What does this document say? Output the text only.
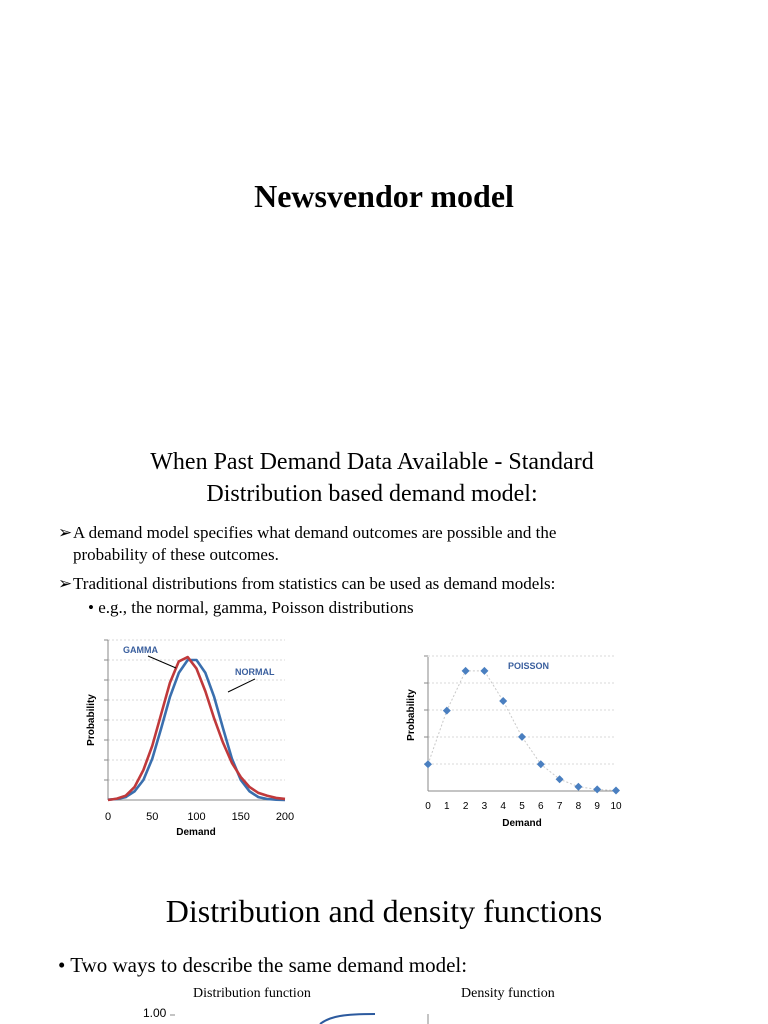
Newsvendor model
When Past Demand Data Available - Standard
Distribution based demand model:
➢A demand model specifies what demand outcomes are possible and the
probability of these outcomes.
➢Traditional distributions from statistics can be used as demand models:
• e.g., the normal, gamma, Poisson distributions
0	50	100 150 200
Probability
Demand
GAMMA
NORMAL
0 1 2 3 4 5 6 7 8 9 10
Probability
Demand
POISSON
Distribution and density functions
• Two ways to describe the same demand model:
Distribution function	Density function
1.00
